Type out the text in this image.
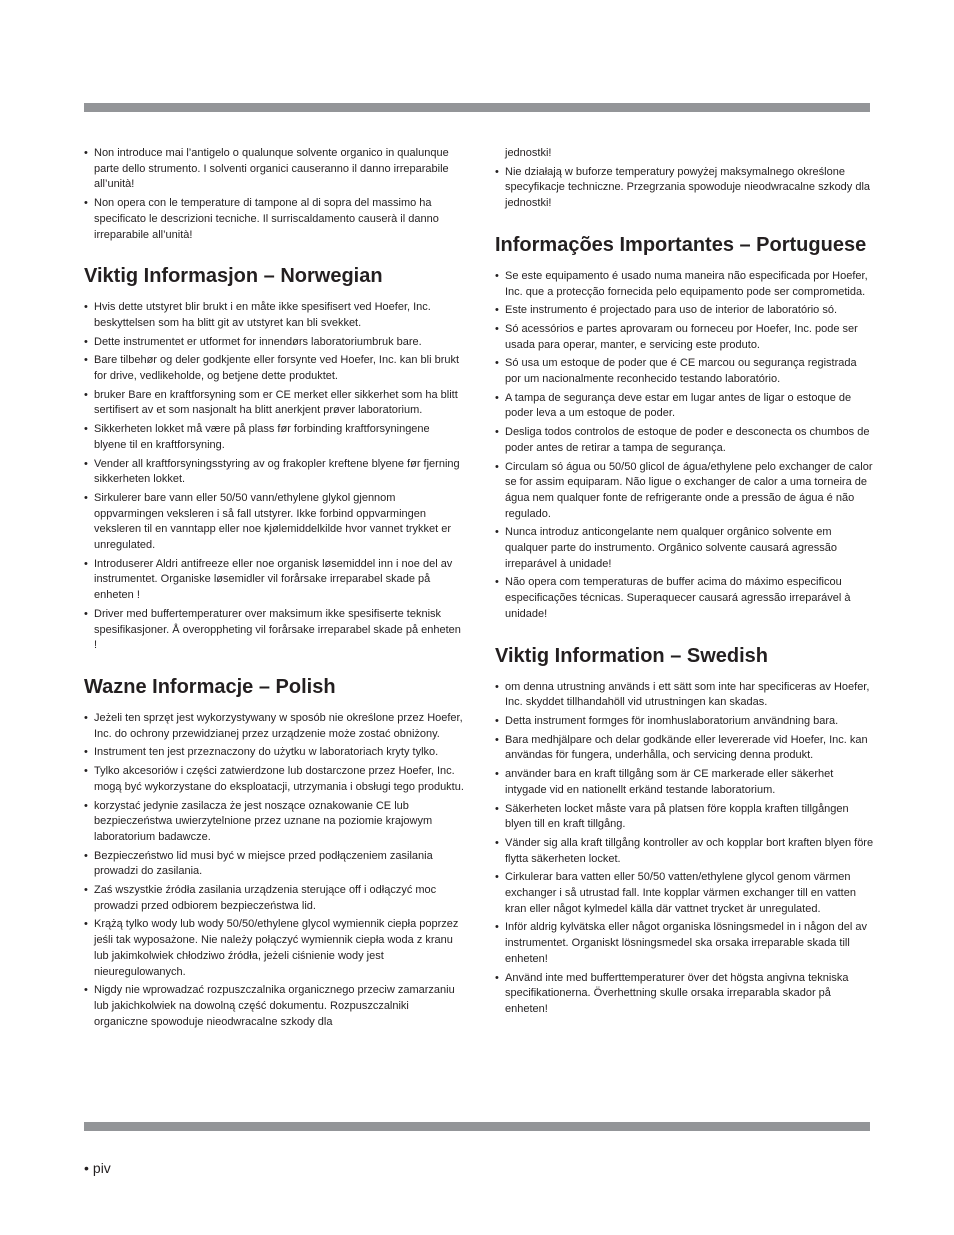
• Non introduce mai l’antigelo o qualunque solvente organico in qualunque parte dello strumento. I solventi organici causeranno il danno irreparabile all’unità!
• Non opera con le temperature di tampone al di sopra del massimo ha specificato le descrizioni tecniche. Il surriscaldamento causerà il danno irreparabile all’unità!
Viktig Informasjon – Norwegian
• Hvis dette utstyret blir brukt i en måte ikke spesifisert ved Hoefer, Inc. beskyttelsen som ha blitt git av utstyret kan bli svekket.
• Dette instrumentet er utformet for innendørs laboratoriumbruk bare.
• Bare tilbehør og deler godkjente eller forsynte ved Hoefer, Inc. kan bli brukt for drive, vedlikeholde, og betjene dette produktet.
• bruker Bare en kraftforsyning som er CE merket eller sikkerhet som ha blitt sertifisert av et som nasjonalt ha blitt anerkjent prøver laboratorium.
• Sikkerheten lokket må være på plass før forbinding kraftforsyningene blyene til en kraftforsyning.
• Vender all kraftforsyningsstyring av og frakopler kreftene blyene før fjerning sikkerheten lokket.
• Sirkulerer bare vann eller 50/50 vann/ethylene glykol gjennom oppvarmingen veksleren i så fall utstyrer. Ikke forbind oppvarmingen veksleren til en vanntapp eller noe kjølemiddelkilde hvor vannet trykket er unregulated.
• Introduserer Aldri antifreeze eller noe organisk løsemiddel inn i noe del av instrumentet. Organiske løsemidler vil forårsake irreparabel skade på enheten !
• Driver med buffertemperaturer over maksimum ikke spesifiserte teknisk spesifikasjoner. Å overoppheting vil forårsake irreparabel skade på enheten !
Wazne Informacje – Polish
• Jeżeli ten sprzęt jest wykorzystywany w sposób nie określone przez Hoefer, Inc. do ochrony przewidzianej przez urządzenie może zostać obniżony.
• Instrument ten jest przeznaczony do użytku w laboratoriach kryty tylko.
• Tylko akcesoriów i części zatwierdzone lub dostarczone przez Hoefer, Inc. mogą być wykorzystane do eksploatacji, utrzymania i obsługi tego produktu.
• korzystać jedynie zasilacza że jest noszące oznakowanie CE lub bezpieczeństwa uwierzytelnione przez uznane na poziomie krajowym laboratorium badawcze.
• Bezpieczeństwo lid musi być w miejsce przed podłączeniem zasilania prowadzi do zasilania.
• Zaś wszystkie źródła zasilania urządzenia sterujące off i odłączyć moc prowadzi przed odbiorem bezpieczeństwa lid.
• Krążą tylko wody lub wody 50/50/ethylene glycol wymiennik ciepła poprzez jeśli tak wyposażone. Nie należy połączyć wymiennik ciepła woda z kranu lub jakimkolwiek chłodziwo źródła, jeżeli ciśnienie wody jest nieuregulowanych.
• Nigdy nie wprowadzać rozpuszczalnika organicznego przeciw zamarzaniu lub jakichkolwiek na dowolną część dokumentu. Rozpuszczalniki organiczne spowoduje nieodwracalne szkody dla
jednostki!
• Nie działają w buforze temperatury powyżej maksymalnego określone specyfikacje techniczne. Przegrzania spowoduje nieodwracalne szkody dla jednostki!
Informações Importantes – Portuguese
• Se este equipamento é usado numa maneira não especificada por Hoefer, Inc. que a protecção fornecida pelo equipamento pode ser comprometida.
• Este instrumento é projectado para uso de interior de laboratório só.
• Só acessórios e partes aprovaram ou forneceu por Hoefer, Inc. pode ser usada para operar, manter, e servicing este produto.
• Só usa um estoque de poder que é CE marcou ou segurança registrada por um nacionalmente reconhecido testando laboratório.
• A tampa de segurança deve estar em lugar antes de ligar o estoque de poder leva a um estoque de poder.
• Desliga todos controlos de estoque de poder e desconecta os chumbos de poder antes de retirar a tampa de segurança.
• Circulam só água ou 50/50 glicol de água/ethylene pelo exchanger de calor se for assim equiparam. Não ligue o exchanger de calor a uma torneira de água nem qualquer fonte de refrigerante onde a pressão de água é não regulado.
• Nunca introduz anticongelante nem qualquer orgânico solvente em qualquer parte do instrumento. Orgânico solvente causará agressão irreparável à unidade!
• Não opera com temperaturas de buffer acima do máximo especificou especificações técnicas. Superaquecer causará agressão irreparável à unidade!
Viktig Information – Swedish
• om denna utrustning används i ett sätt som inte har specificeras av Hoefer, Inc. skyddet tillhandahöll vid utrustningen kan skadas.
• Detta instrument formges för inomhuslaboratorium användning bara.
• Bara medhjälpare och delar godkände eller levererade vid Hoefer, Inc. kan användas för fungera, underhålla, och servicing denna produkt.
• använder bara en kraft tillgång som är CE markerade eller säkerhet intygade vid en nationellt erkänd testande laboratorium.
• Säkerheten locket måste vara på platsen före koppla kraften tillgången blyen till en kraft tillgång.
• Vänder sig alla kraft tillgång kontroller av och kopplar bort kraften blyen före flytta säkerheten locket.
• Cirkulerar bara vatten eller 50/50 vatten/ethylene glycol genom värmen exchanger i så utrustad fall. Inte kopplar värmen exchanger till en vatten kran eller något kylmedel källa där vattnet trycket är unregulated.
• Inför aldrig kylvätska eller något organiska lösningsmedel in i någon del av instrumentet. Organiskt lösningsmedel ska orsaka irreparable skada till enheten!
• Använd inte med bufferttemperaturer över det högsta angivna tekniska specifikationerna. Överhettning skulle orsaka irreparabla skador på enheten!
• piv
